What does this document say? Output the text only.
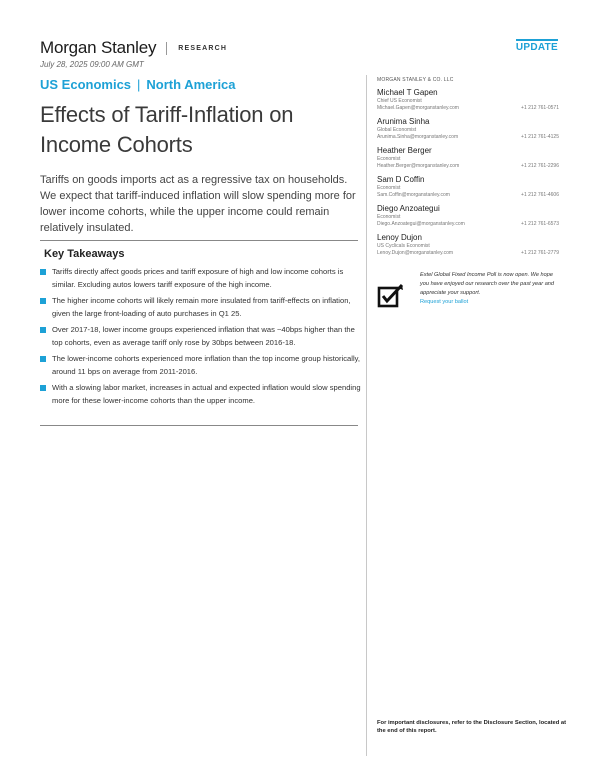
Morgan Stanley	RESEARCH	UPDATE
July 28, 2025 09:00 AM GMT
US Economics | North America
Effects of Tariff-Inflation on Income Cohorts

Tariffs on goods imports act as a regressive tax on households. We expect that tariff-induced inflation will slow spending more for lower income cohorts, while the upper income could remain relatively insulated.

Key Takeaways
Tariffs directly affect goods prices and tariff exposure of high and low income cohorts is similar. Excluding autos lowers tariff exposure of the high income.
The higher income cohorts will likely remain more insulated from tariff-effects on inflation, given the large front-loading of auto purchases in Q1 25.
Over 2017-18, lower income groups experienced inflation that was ~40bps higher than the top cohorts, even as average tariff only rose by 30bps between 2016-18.
The lower-income cohorts experienced more inflation than the top income group historically, around 11 bps on average from 2011-2016.
With a slowing labor market, increases in actual and expected inflation would slow spending more for these lower-income cohorts than the upper income.
MORGAN STANLEY & CO. LLC
Michael T Gapen
Chief US Economist
Michael.Gapen@morganstanley.com	+1 212 761-0571
Arunima Sinha
Global Economist
Arunima.Sinha@morganstanley.com	+1 212 761-4125
Heather Berger
Economist
Heather.Berger@morganstanley.com	+1 212 761-2296
Sam D Coffin
Economist
Sam.Coffin@morganstanley.com	+1 212 761-4606
Diego Anzoategui
Economist
Diego.Anzoategui@morganstanley.com	+1 212 761-6573
Lenoy Dujon
US Cyclicals Economist
Lenoy.Dujon@morganstanley.com	+1 212 761-2779
Extel Global Fixed Income Poll is now open. We hope you have enjoyed our research over the past year and appreciate your support.
Request your ballot
For important disclosures, refer to the Disclosure Section, located at the end of this report.
